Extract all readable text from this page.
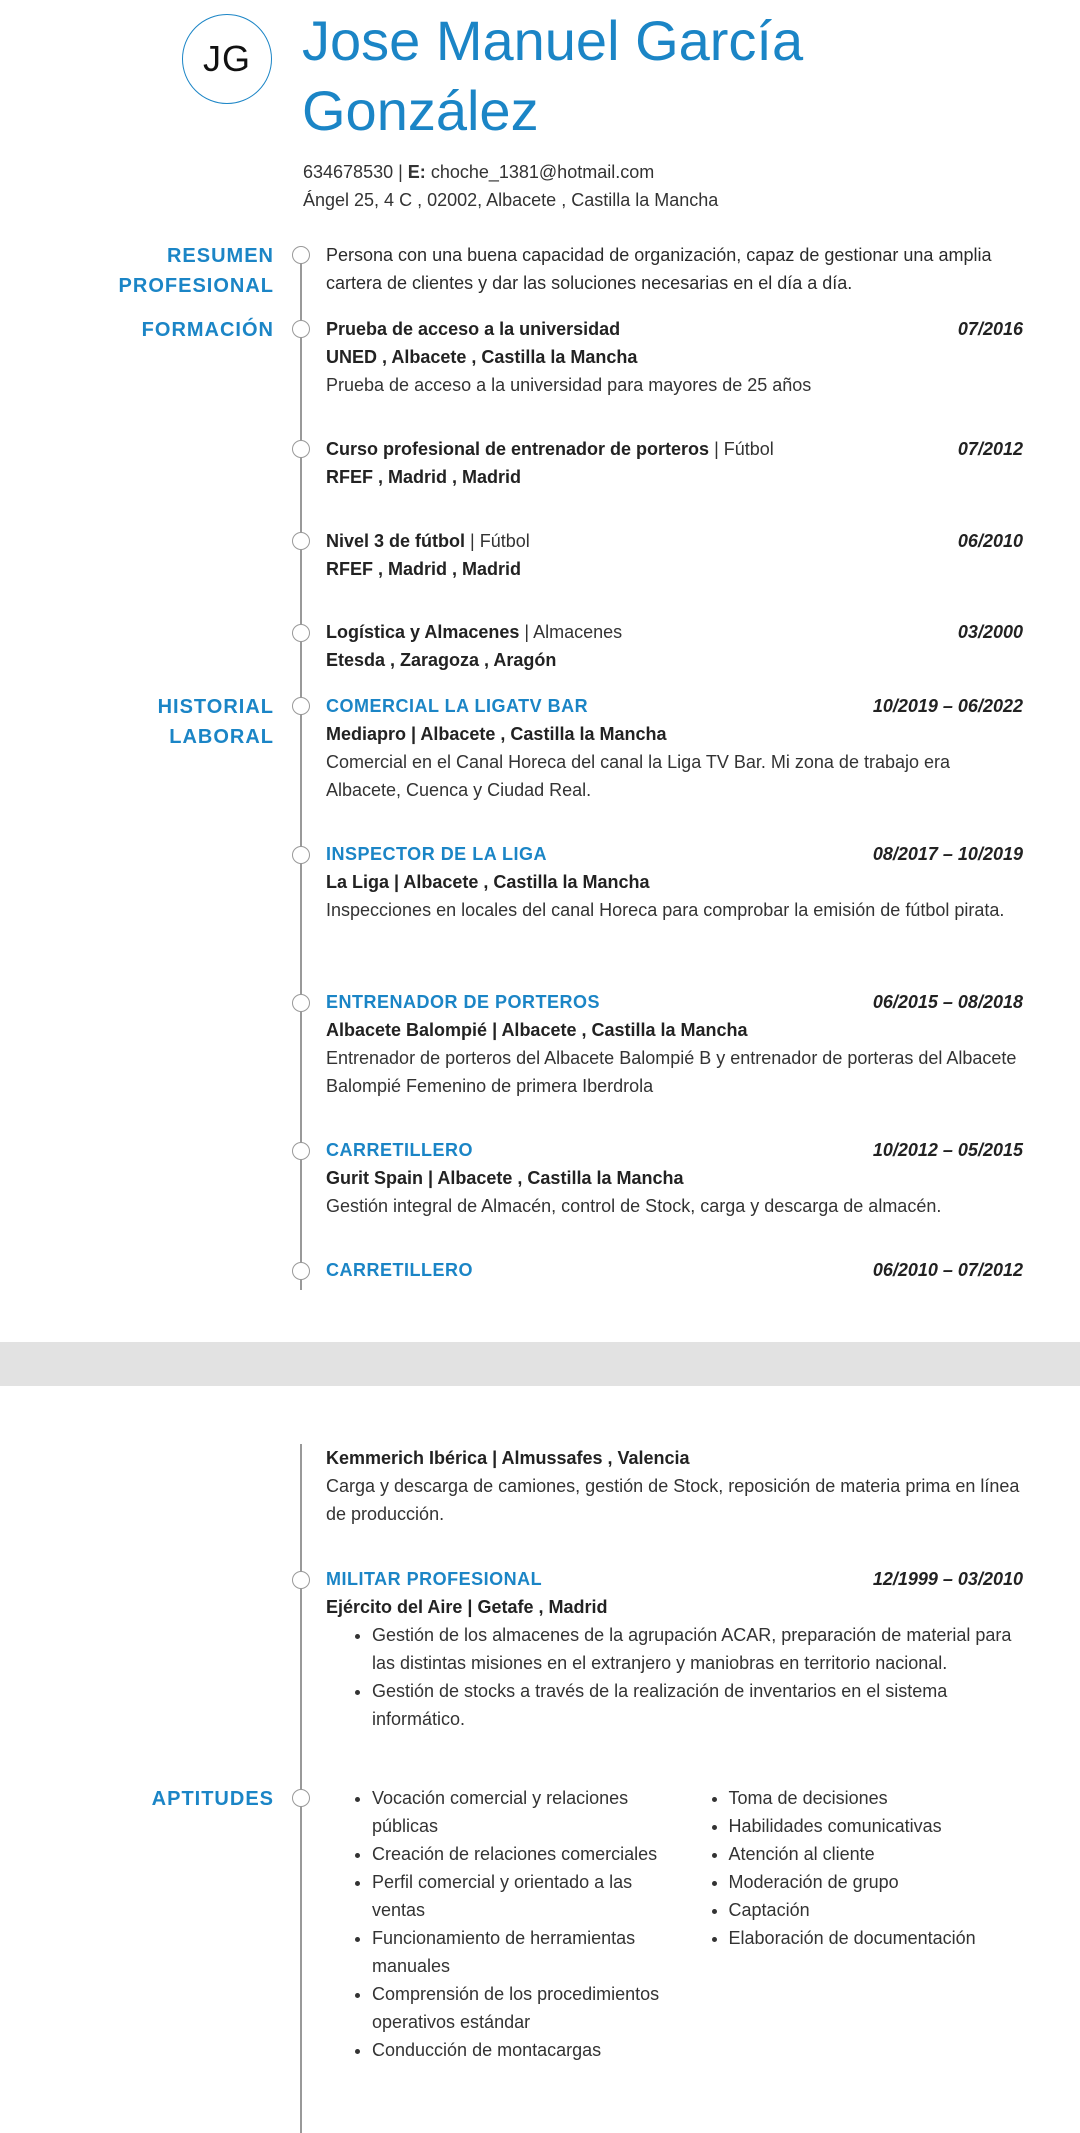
JG Jose Manuel García González
634678530 | E: choche_1381@hotmail.com
Ángel 25, 4 C , 02002, Albacete , Castilla la Mancha
RESUMEN PROFESIONAL
Persona con una buena capacidad de organización, capaz de gestionar una amplia cartera de clientes y dar las soluciones necesarias en el día a día.
FORMACIÓN	Prueba de acceso a la universidad	07/2016
UNED , Albacete , Castilla la Mancha
Prueba de acceso a la universidad para mayores de 25 años
Curso profesional de entrenador de porteros | Fútbol	07/2012
RFEF , Madrid , Madrid
Nivel 3 de fútbol | Fútbol	06/2010
RFEF , Madrid , Madrid
Logística y Almacenes | Almacenes	03/2000
Etesda , Zaragoza , Aragón
HISTORIAL LABORAL
COMERCIAL LA LIGATV BAR	10/2019 – 06/2022
Mediapro | Albacete , Castilla la Mancha
Comercial en el Canal Horeca del canal la Liga TV Bar. Mi zona de trabajo era Albacete, Cuenca y Ciudad Real.
INSPECTOR DE LA LIGA	08/2017 – 10/2019
La Liga | Albacete , Castilla la Mancha
Inspecciones en locales del canal Horeca para comprobar la emisión de fútbol pirata.
ENTRENADOR DE PORTEROS	06/2015 – 08/2018
Albacete Balompié | Albacete , Castilla la Mancha
Entrenador de porteros del Albacete Balompié B y entrenador de porteras del Albacete Balompié Femenino de primera Iberdrola
CARRETILLERO	10/2012 – 05/2015
Gurit Spain | Albacete , Castilla la Mancha
Gestión integral de Almacén, control de Stock, carga y descarga de almacén.
CARRETILLERO	06/2010 – 07/2012
Kemmerich Ibérica | Almussafes , Valencia
Carga y descarga de camiones, gestión de Stock, reposición de materia prima en línea de producción.
MILITAR PROFESIONAL	12/1999 – 03/2010
Ejército del Aire | Getafe , Madrid
• Gestión de los almacenes de la agrupación ACAR, preparación de material para las distintas misiones en el extranjero y maniobras en territorio nacional.
• Gestión de stocks a través de la realización de inventarios en el sistema informático.
APTITUDES
•	Vocación comercial y relaciones públicas
• Creación de relaciones comerciales
• Perfil comercial y orientado a las ventas
• Funcionamiento de herramientas manuales
• Comprensión de los procedimientos operativos estándar
• Conducción de montacargas
• Toma de decisiones
• Habilidades comunicativas
• Atención al cliente
• Moderación de grupo
• Captación
• Elaboración de documentación
